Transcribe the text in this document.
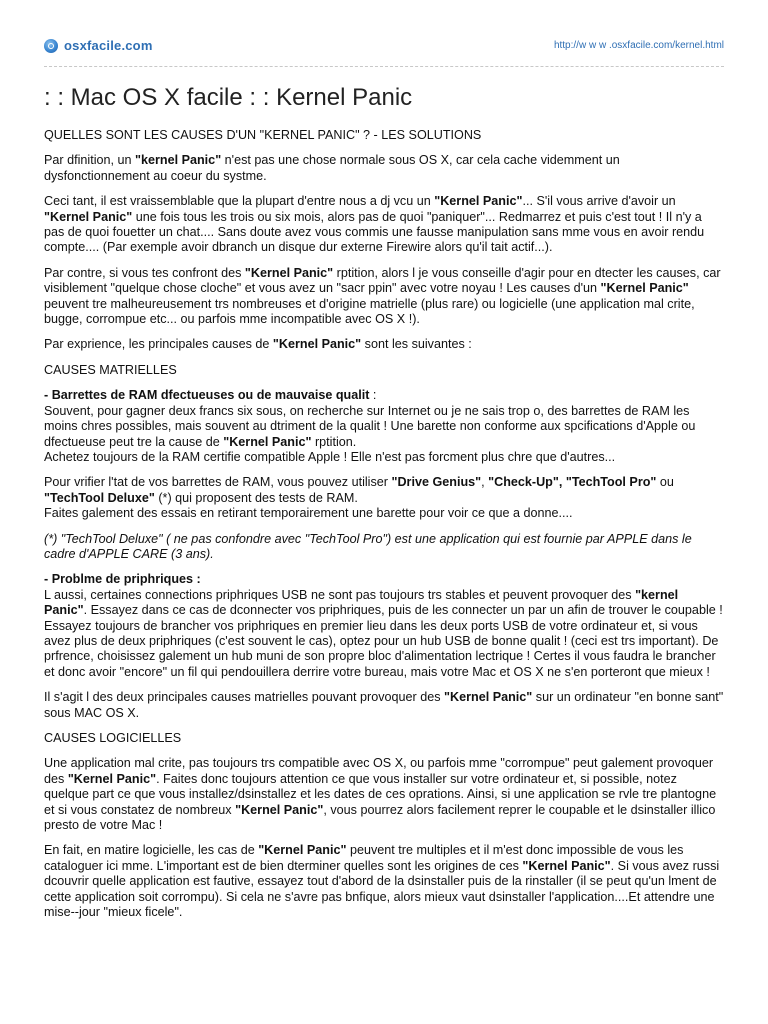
osxfacile.com	http://w w w .osxfacile.com/kernel.html
: : Mac OS X facile : : Kernel Panic

QUELLES SONT LES CAUSES D'UN "KERNEL PANIC" ? - LES SOLUTIONS

Par dfinition, un "kernel Panic" n'est pas une chose normale sous OS X, car cela cache videmment un dysfonctionnement au coeur du systme.

Ceci tant, il est vraissemblable que la plupart d'entre nous a dj vcu un "Kernel Panic"... S'il vous arrive d'avoir un "Kernel Panic" une fois tous les trois ou six mois, alors pas de quoi "paniquer"... Redmarrez et puis c'est tout ! Il n'y a pas de quoi fouetter un chat.... Sans doute avez vous commis une fausse manipulation sans mme vous en avoir rendu compte.... (Par exemple avoir dbranch un disque dur externe Firewire alors qu'il tait actif...).

Par contre, si vous tes confront des "Kernel Panic" rptition, alors l je vous conseille d'agir pour en dtecter les causes, car visiblement "quelque chose cloche" et vous avez un "sacr ppin" avec votre noyau ! Les causes d'un "Kernel Panic" peuvent tre malheureusement trs nombreuses et d'origine matrielle (plus rare) ou logicielle (une application mal crite, bugge, corrompue etc... ou parfois mme incompatible avec OS X !).

Par exprience, les principales causes de "Kernel Panic" sont les suivantes :

CAUSES MATRIELLES

- Barrettes de RAM dfectueuses ou de mauvaise qualit :
Souvent, pour gagner deux francs six sous, on recherche sur Internet ou je ne sais trop o, des barrettes de RAM les moins chres possibles, mais souvent au dtriment de la qualit ! Une barette non conforme aux spcifications d'Apple ou dfectueuse peut tre la cause de "Kernel Panic" rptition.
Achetez toujours de la RAM certifie compatible Apple ! Elle n'est pas forcment plus chre que d'autres...

Pour vrifier l'tat de vos barrettes de RAM, vous pouvez utiliser "Drive Genius", "Check-Up", "TechTool Pro" ou "TechTool Deluxe" (*) qui proposent des tests de RAM.
Faites galement des essais en retirant temporairement une barette pour voir ce que a donne....

(*) "TechTool Deluxe" ( ne pas confondre avec "TechTool Pro") est une application qui est fournie par APPLE dans le cadre d'APPLE CARE (3 ans).

- Problme de priphriques :
L aussi, certaines connections priphriques USB ne sont pas toujours trs stables et peuvent provoquer des "kernel Panic". Essayez dans ce cas de dconnecter vos priphriques, puis de les connecter un par un afin de trouver le coupable ! Essayez toujours de brancher vos priphriques en premier lieu dans les deux ports USB de votre ordinateur et, si vous avez plus de deux priphriques (c'est souvent le cas), optez pour un hub USB de bonne qualit ! (ceci est trs important). De prfrence, choisissez galement un hub muni de son propre bloc d'alimentation lectrique ! Certes il vous faudra le brancher et donc avoir "encore" un fil qui pendouillera derrire votre bureau, mais votre Mac et OS X ne s'en porteront que mieux !

Il s'agit l des deux principales causes matrielles pouvant provoquer des "Kernel Panic" sur un ordinateur "en bonne sant" sous MAC OS X.

CAUSES LOGICIELLES

Une application mal crite, pas toujours trs compatible avec OS X, ou parfois mme "corrompue" peut galement provoquer des "Kernel Panic". Faites donc toujours attention ce que vous installer sur votre ordinateur et, si possible, notez quelque part ce que vous installez/dsinstallez et les dates de ces oprations. Ainsi, si une application se rvle tre plantogne et si vous constatez de nombreux "Kernel Panic", vous pourrez alors facilement reprer le coupable et le dsinstaller illico presto de votre Mac !

En fait, en matire logicielle, les cas de "Kernel Panic" peuvent tre multiples et il m'est donc impossible de vous les cataloguer ici mme. L'important est de bien dterminer quelles sont les origines de ces "Kernel Panic". Si vous avez russi dcouvrir quelle application est fautive, essayez tout d'abord de la dsinstaller puis de la rinstaller (il se peut qu'un lment de cette application soit corrompu). Si cela ne s'avre pas bnfique, alors mieux vaut dsinstaller l'application....Et attendre une mise--jour "mieux ficele".
